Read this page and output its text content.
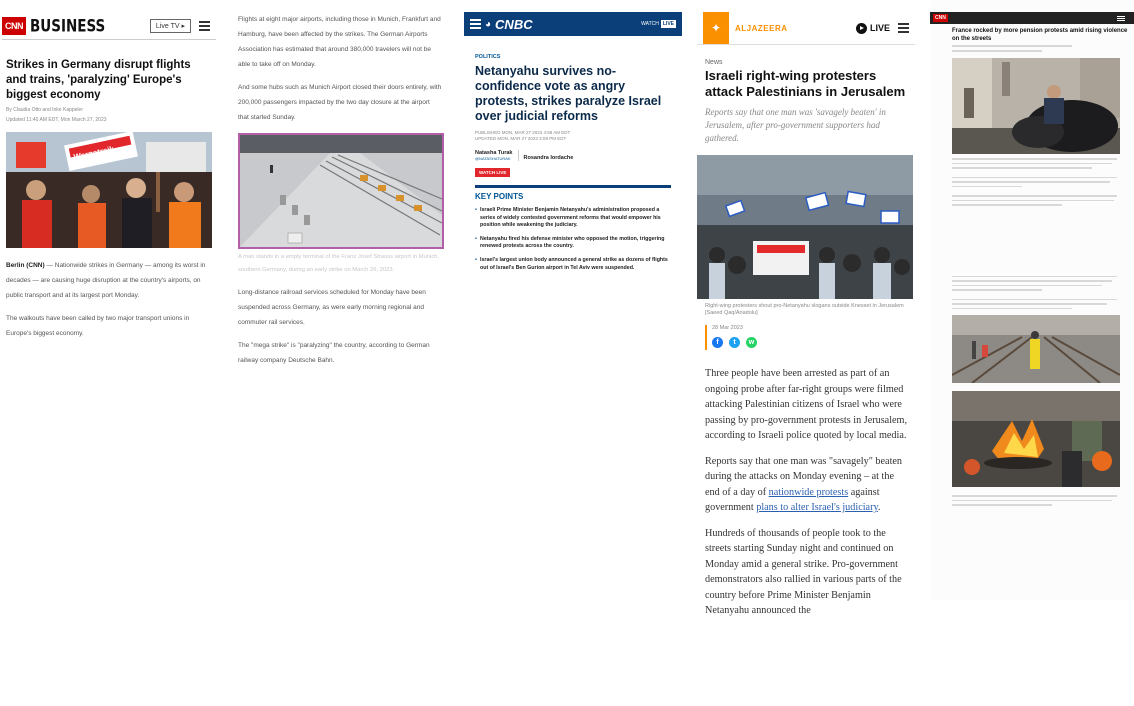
CNN BUSINESS	Live TV ▸
Strikes in Germany disrupt flights and trains, 'paralyzing' Europe's biggest economy
By Claudia Otto and Inke Kappeler
Updated 11:40 AM EDT, Mon March 27, 2023
Warnstreik
Berlin (CNN) — Nationwide strikes in Germany — among its worst in decades — are causing huge disruption at the country's airports, on public transport and at its largest port Monday.
The walkouts have been called by two major transport unions in Europe's biggest economy.
Flights at eight major airports, including those in Munich, Frankfurt and Hamburg, have been affected by the strikes. The German Airports Association has estimated that around 380,000 travelers will not be able to take off on Monday.
And some hubs such as Munich Airport closed their doors entirely, with 200,000 passengers impacted by the two day closure at the airport that started Sunday.
A man stands in a empty terminal of the Franz Josef Strauss airport in Munich, southern Germany, during an early strike on March 26, 2023.
Long-distance railroad services scheduled for Monday have been suspended across Germany, as were early morning regional and commuter rail services.
The "mega strike" is "paralyzing" the country, according to German railway company Deutsche Bahn.
◕ CNBC	WATCH LIVE
POLITICS
Netanyahu survives no-confidence vote as angry protests, strikes paralyze Israel over judicial reforms
PUBLISHED MON, MAR 27 2023 4:58 AM EDT
UPDATED MON, MAR 27 2023 3:08 PM EDT
Natasha Turak
@NATASHATURAK	Rosandra Iordache
WATCH LIVE
KEY POINTS
• Israeli Prime Minister Benjamin Netanyahu's administration proposed a series of widely contested government reforms that would empower his position while weakening the judiciary.
• Netanyahu fired his defense minister who opposed the motion, triggering renewed protests across the country.
• Israel's largest union body announced a general strike as dozens of flights out of Israel's Ben Gurion airport in Tel Aviv were suspended.
✦	ALJAZEERA	LIVE
News
Israeli right-wing protesters attack Palestinians in Jerusalem
Reports say that one man was 'savagely beaten' in Jerusalem, after pro-government supporters had gathered.
Right-wing protesters shout pro-Netanyahu slogans outside Knesset in Jerusalem [Saeed Qaq/Anadolu]
28 Mar 2023
f	t	w
Three people have been arrested as part of an ongoing probe after far-right groups were filmed attacking Palestinian citizens of Israel who were passing by pro-government protests in Jerusalem, according to Israeli police quoted by local media.
Reports say that one man was "savagely" beaten during the attacks on Monday evening – at the end of a day of nationwide protests against government plans to alter Israel's judiciary.
Hundreds of thousands of people took to the streets starting Sunday night and continued on Monday amid a general strike. Pro-government demonstrators also rallied in various parts of the country before Prime Minister Benjamin Netanyahu announced the
CNN
France rocked by more pension protests amid rising violence on the streets
